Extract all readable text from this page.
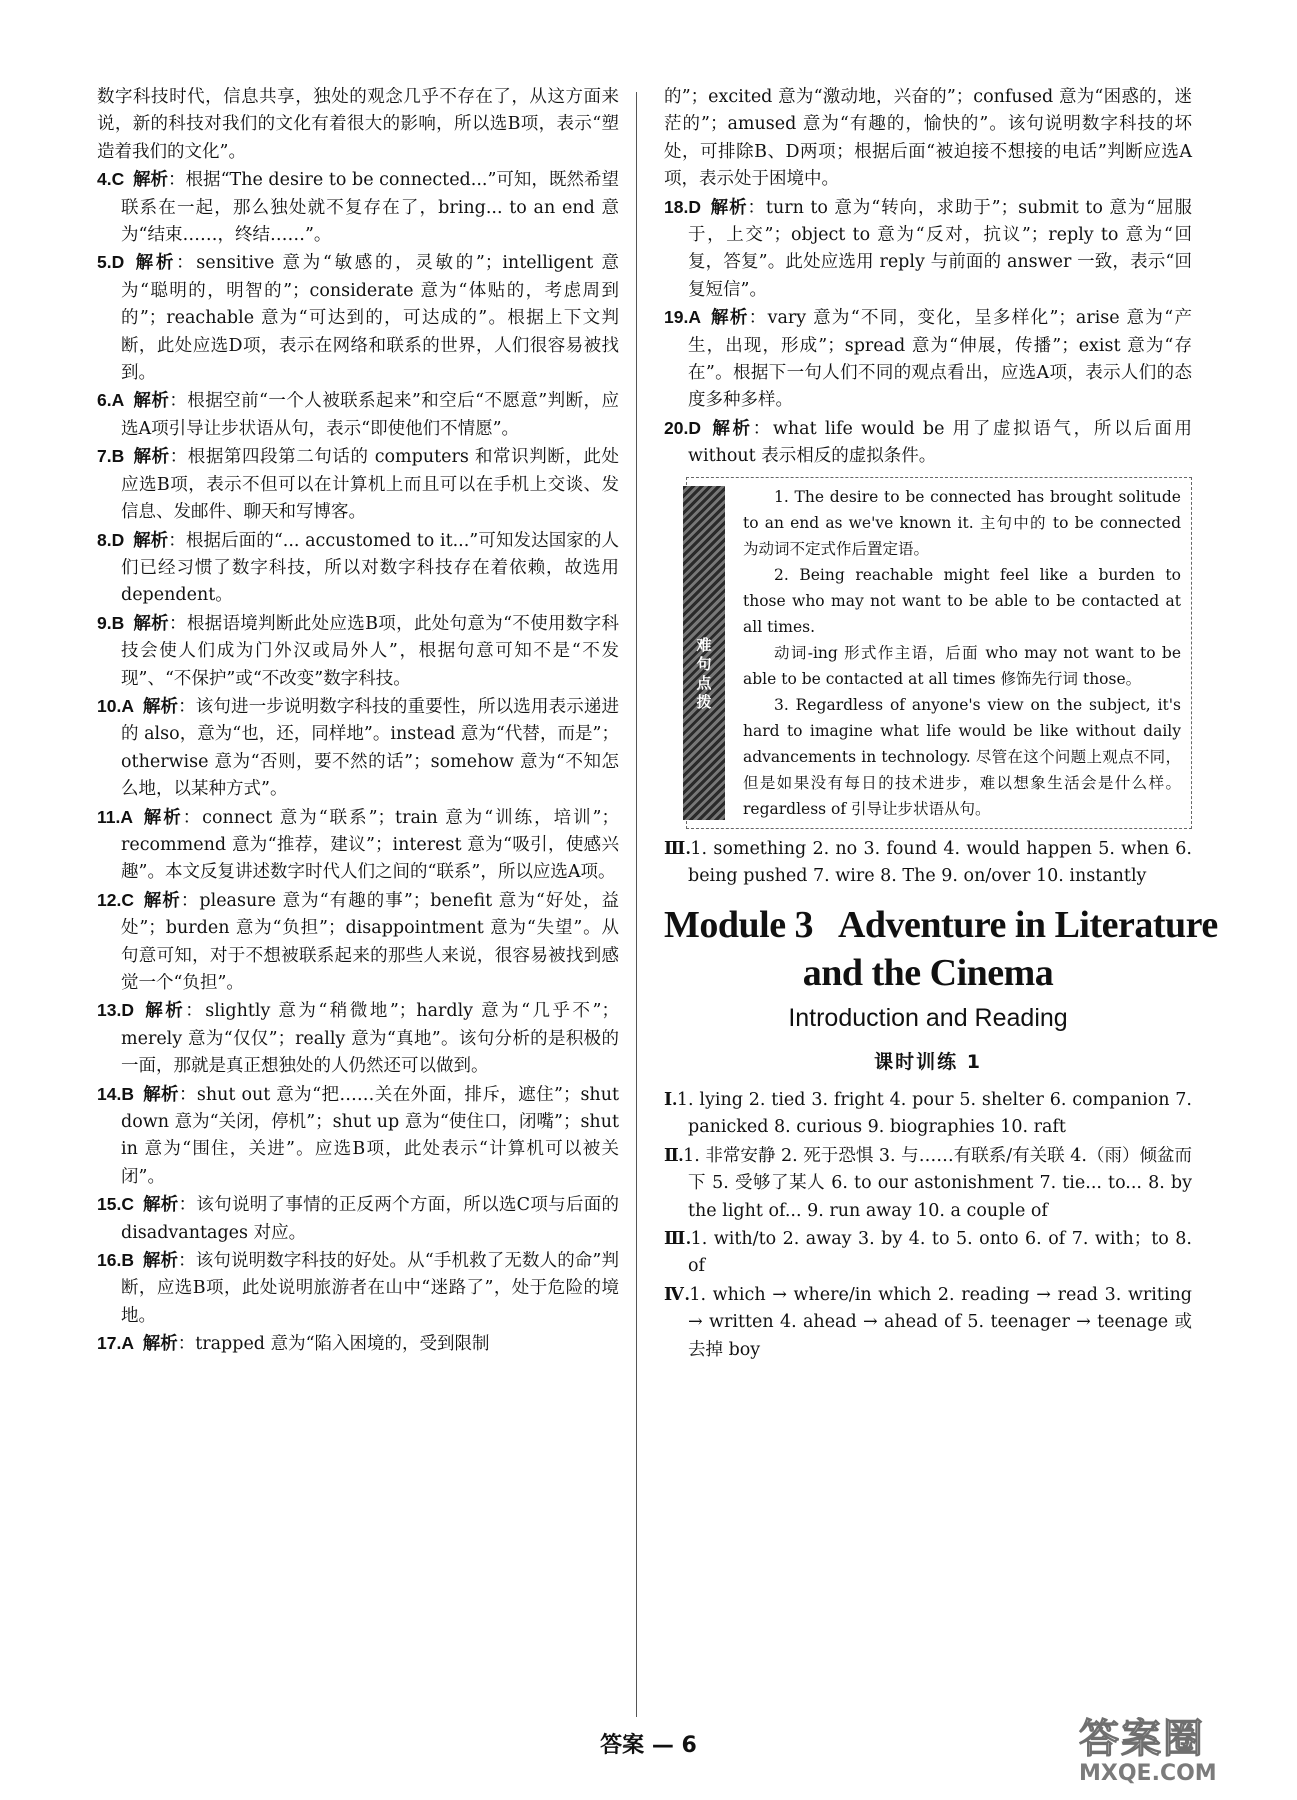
数字科技时代，信息共享，独处的观念几乎不存在了，从这方面来说，新的科技对我们的文化有着很大的影响，所以选B项，表示“塑造着我们的文化”。

4.C  解析：根据“The desire to be connected...”可知，既然希望联系在一起，那么独处就不复存在了，bring... to an end 意为“结束……，终结……”。

5.D  解析：sensitive 意为“敏感的，灵敏的”；intelligent 意为“聪明的，明智的”；considerate 意为“体贴的，考虑周到的”；reachable 意为“可达到的，可达成的”。根据上下文判断，此处应选D项，表示在网络和联系的世界，人们很容易被找到。

6.A  解析：根据空前“一个人被联系起来”和空后“不愿意”判断，应选A项引导让步状语从句，表示“即使他们不情愿”。

7.B  解析：根据第四段第二句话的 computers 和常识判断，此处应选B项，表示不但可以在计算机上而且可以在手机上交谈、发信息、发邮件、聊天和写博客。

8.D  解析：根据后面的“... accustomed to it...”可知发达国家的人们已经习惯了数字科技，所以对数字科技存在着依赖，故选用dependent。

9.B  解析：根据语境判断此处应选B项，此处句意为“不使用数字科技会使人们成为门外汉或局外人”，根据句意可知不是“不发现”、“不保护”或“不改变”数字科技。

10.A  解析：该句进一步说明数字科技的重要性，所以选用表示递进的 also，意为“也，还，同样地”。instead 意为“代替，而是”；otherwise 意为“否则，要不然的话”；somehow 意为“不知怎么地，以某种方式”。

11.A  解析：connect 意为“联系”；train 意为“训练，培训”；recommend 意为“推荐，建议”；interest 意为“吸引，使感兴趣”。本文反复讲述数字时代人们之间的“联系”，所以应选A项。

12.C  解析：pleasure 意为“有趣的事”；benefit 意为“好处，益处”；burden 意为“负担”；disappointment 意为“失望”。从句意可知，对于不想被联系起来的那些人来说，很容易被找到感觉一个“负担”。

13.D  解析：slightly 意为“稍微地”；hardly 意为“几乎不”；merely 意为“仅仅”；really 意为“真地”。该句分析的是积极的一面，那就是真正想独处的人仍然还可以做到。

14.B  解析：shut out 意为“把……关在外面，排斥，遮住”；shut down 意为“关闭，停机”；shut up 意为“使住口，闭嘴”；shut in 意为“围住，关进”。应选B项，此处表示“计算机可以被关闭”。

15.C  解析：该句说明了事情的正反两个方面，所以选C项与后面的 disadvantages 对应。

16.B  解析：该句说明数字科技的好处。从“手机救了无数人的命”判断，应选B项，此处说明旅游者在山中“迷路了”，处于危险的境地。

17.A  解析：trapped 意为“陷入困境的，受到限制

的”；excited 意为“激动地，兴奋的”；confused 意为“困惑的，迷茫的”；amused 意为“有趣的，愉快的”。该句说明数字科技的坏处，可排除B、D两项；根据后面“被迫接不想接的电话”判断应选A项，表示处于困境中。

18.D  解析：turn to 意为“转向，求助于”；submit to 意为“屈服于，上交”；object to 意为“反对，抗议”；reply to 意为“回复，答复”。此处应选用 reply 与前面的 answer 一致，表示“回复短信”。

19.A  解析：vary 意为“不同，变化，呈多样化”；arise 意为“产生，出现，形成”；spread 意为“伸展，传播”；exist 意为“存在”。根据下一句人们不同的观点看出，应选A项，表示人们的态度多种多样。

20.D  解析：what life would be 用了虚拟语气，所以后面用 without 表示相反的虚拟条件。

难句点拨

1. The desire to be connected has brought solitude to an end as we've known it. 主句中的 to be connected 为动词不定式作后置定语。

2. Being reachable might feel like a burden to those who may not want to be able to be contacted at all times.

动词-ing 形式作主语，后面 who may not want to be able to be contacted at all times 修饰先行词 those。

3. Regardless of anyone's view on the subject, it's hard to imagine what life would be like without daily advancements in technology. 尽管在这个问题上观点不同，但是如果没有每日的技术进步，难以想象生活会是什么样。regardless of 引导让步状语从句。

Ⅲ.1. something 2. no 3. found 4. would happen 5. when 6. being pushed 7. wire 8. The 9. on/over 10. instantly

Module 3   Adventure in Literature
and the Cinema
Introduction and Reading
课时训练 1

Ⅰ.1. lying 2. tied 3. fright 4. pour 5. shelter 6. companion 7. panicked 8. curious 9. biographies 10. raft

Ⅱ.1. 非常安静 2. 死于恐惧 3. 与……有联系/有关联 4.（雨）倾盆而下 5. 受够了某人 6. to our astonishment 7. tie... to... 8. by the light of... 9. run away 10. a couple of

Ⅲ.1. with/to 2. away 3. by 4. to 5. onto 6. of 7. with；to 8. of

Ⅳ.1. which → where/in which 2. reading → read 3. writing → written 4. ahead → ahead of 5. teenager → teenage 或去掉 boy

答案 — 6	答案圈
MXQE.COM
